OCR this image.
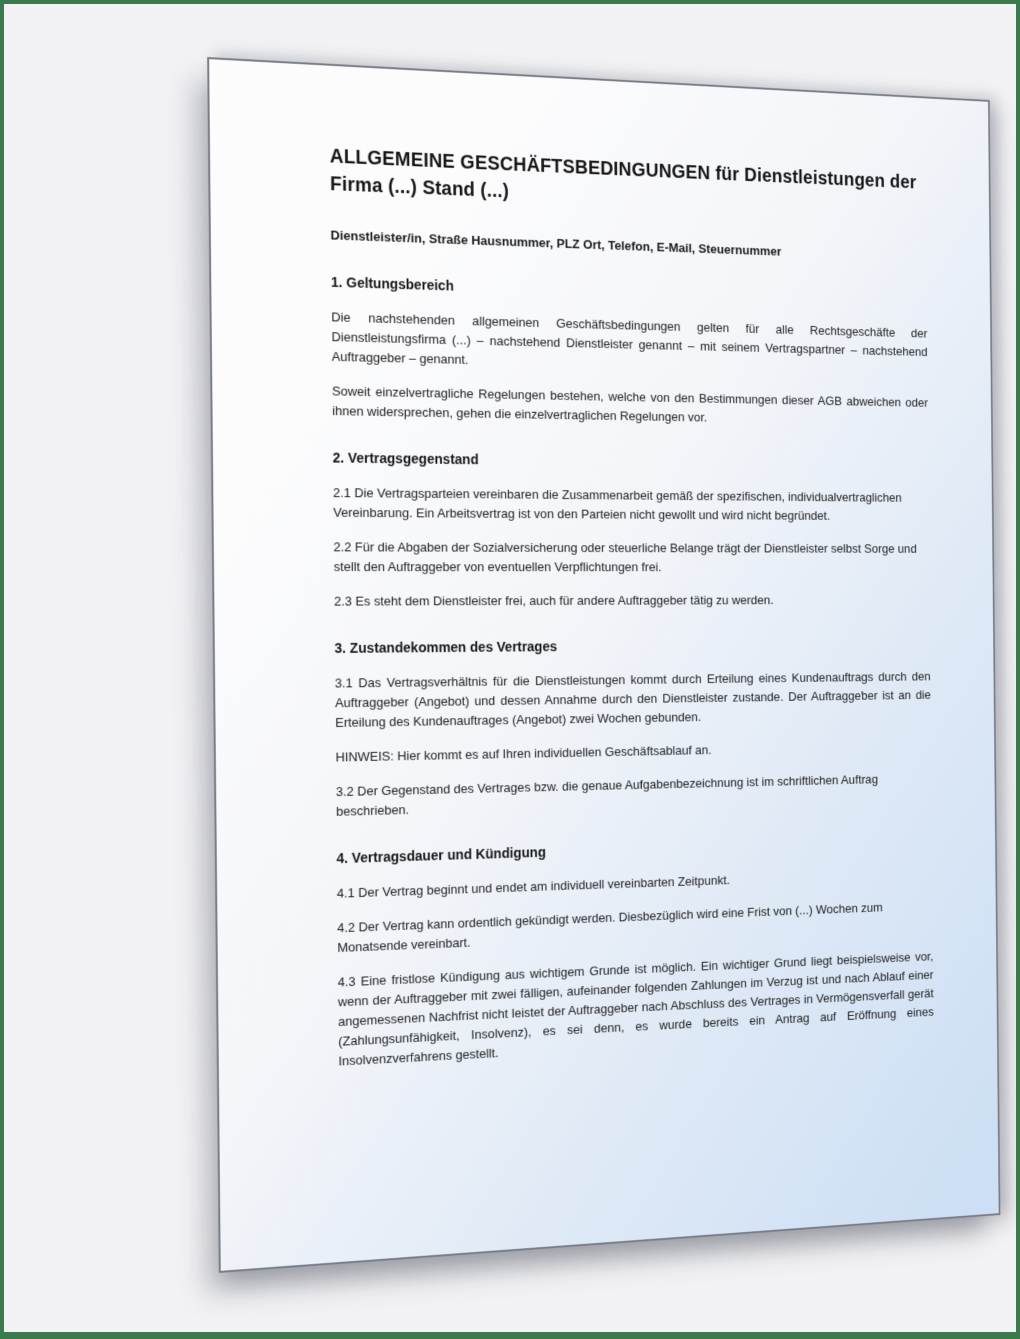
ALLGEMEINE GESCHÄFTSBEDINGUNGEN für Dienstleistungen der
Firma (...) Stand (...)

Dienstleister/in, Straße Hausnummer, PLZ Ort, Telefon, E-Mail, Steuernummer

1. Geltungsbereich

Die nachstehenden allgemeinen Geschäftsbedingungen gelten für alle Rechtsgeschäfte der Dienstleistungsfirma (...) – nachstehend Dienstleister genannt – mit seinem Vertragspartner – nachstehend Auftraggeber – genannt.

Soweit einzelvertragliche Regelungen bestehen, welche von den Bestimmungen dieser AGB abweichen oder ihnen widersprechen, gehen die einzelvertraglichen Regelungen vor.

2. Vertragsgegenstand

2.1 Die Vertragsparteien vereinbaren die Zusammenarbeit gemäß der spezifischen, individualvertraglichen Vereinbarung. Ein Arbeitsvertrag ist von den Parteien nicht gewollt und wird nicht begründet.

2.2 Für die Abgaben der Sozialversicherung oder steuerliche Belange trägt der Dienstleister selbst Sorge und stellt den Auftraggeber von eventuellen Verpflichtungen frei.

2.3 Es steht dem Dienstleister frei, auch für andere Auftraggeber tätig zu werden.

3. Zustandekommen des Vertrages

3.1 Das Vertragsverhältnis für die Dienstleistungen kommt durch Erteilung eines Kundenauftrags durch den Auftraggeber (Angebot) und dessen Annahme durch den Dienstleister zustande. Der Auftraggeber ist an die Erteilung des Kundenauftrages (Angebot) zwei Wochen gebunden.

HINWEIS: Hier kommt es auf Ihren individuellen Geschäftsablauf an.

3.2 Der Gegenstand des Vertrages bzw. die genaue Aufgabenbezeichnung ist im schriftlichen Auftrag beschrieben.

4. Vertragsdauer und Kündigung

4.1 Der Vertrag beginnt und endet am individuell vereinbarten Zeitpunkt.

4.2 Der Vertrag kann ordentlich gekündigt werden. Diesbezüglich wird eine Frist von (...) Wochen zum Monatsende vereinbart.

4.3 Eine fristlose Kündigung aus wichtigem Grunde ist möglich. Ein wichtiger Grund liegt beispielsweise vor, wenn der Auftraggeber mit zwei fälligen, aufeinander folgenden Zahlungen im Verzug ist und nach Ablauf einer angemessenen Nachfrist nicht leistet der Auftraggeber nach Abschluss des Vertrages in Vermögensverfall gerät (Zahlungsunfähigkeit, Insolvenz), es sei denn, es wurde bereits ein Antrag auf Eröffnung eines Insolvenzverfahrens gestellt.
